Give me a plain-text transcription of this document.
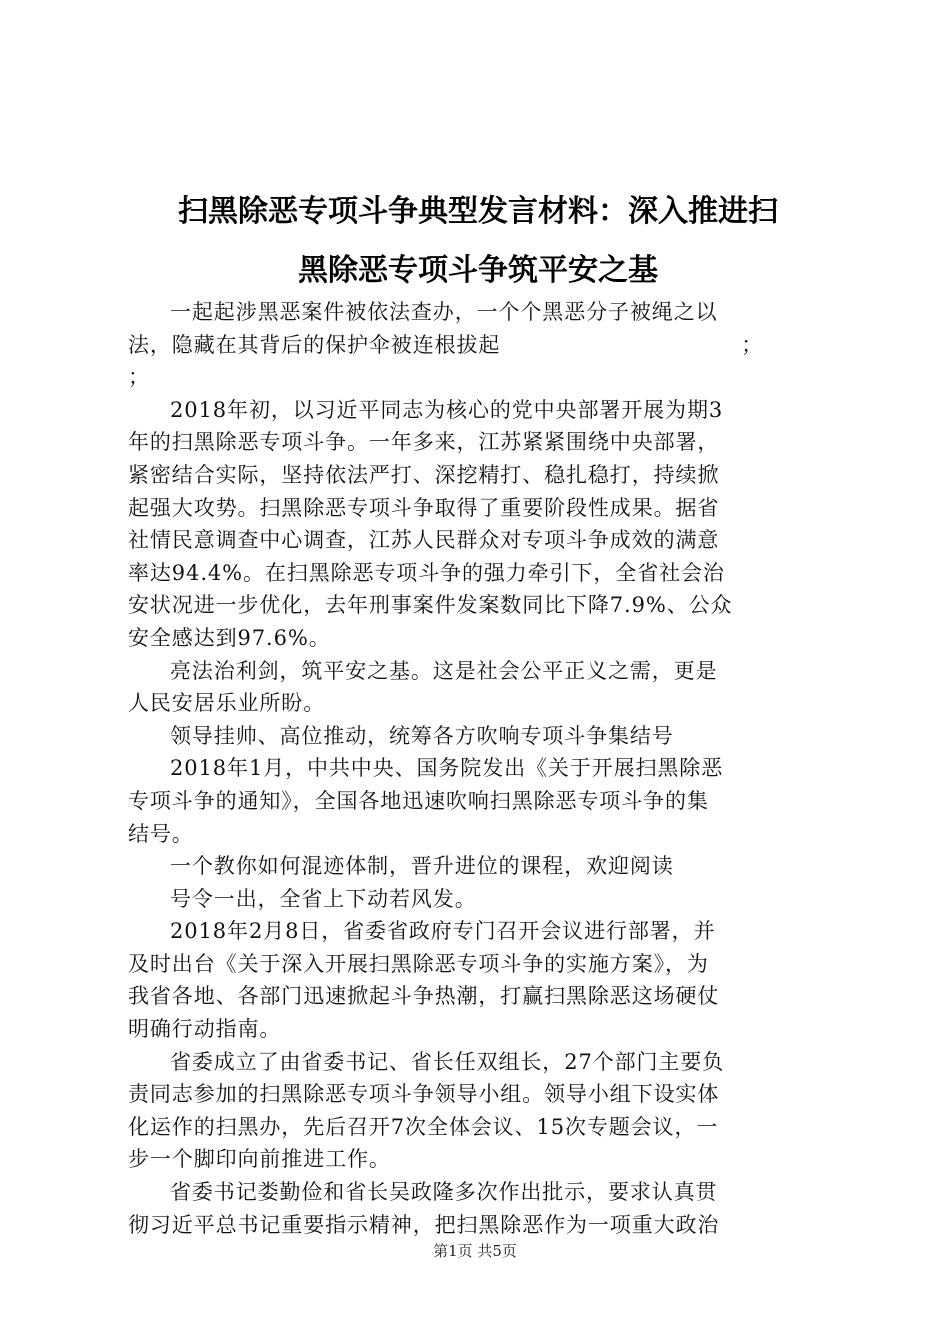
扫黑除恶专项斗争典型发言材料：深入推进扫
黑除恶专项斗争筑平安之基

一起起涉黑恶案件被依法查办，一个个黑恶分子被绳之以
法，隐藏在其背后的保护伞被连根拔起　　　　　　　　　　　；
；

2018年初，以习近平同志为核心的党中央部署开展为期3
年的扫黑除恶专项斗争。一年多来，江苏紧紧围绕中央部署，
紧密结合实际，坚持依法严打、深挖精打、稳扎稳打，持续掀
起强大攻势。扫黑除恶专项斗争取得了重要阶段性成果。据省
社情民意调查中心调查，江苏人民群众对专项斗争成效的满意
率达94.4%。在扫黑除恶专项斗争的强力牵引下，全省社会治
安状况进一步优化，去年刑事案件发案数同比下降7.9%、公众
安全感达到97.6%。

亮法治利剑，筑平安之基。这是社会公平正义之需，更是
人民安居乐业所盼。

领导挂帅、高位推动，统筹各方吹响专项斗争集结号

2018年1月，中共中央、国务院发出《关于开展扫黑除恶
专项斗争的通知》，全国各地迅速吹响扫黑除恶专项斗争的集
结号。

一个教你如何混迹体制，晋升进位的课程，欢迎阅读

号令一出，全省上下动若风发。

2018年2月8日，省委省政府专门召开会议进行部署，并
及时出台《关于深入开展扫黑除恶专项斗争的实施方案》，为
我省各地、各部门迅速掀起斗争热潮，打赢扫黑除恶这场硬仗
明确行动指南。

省委成立了由省委书记、省长任双组长，27个部门主要负
责同志参加的扫黑除恶专项斗争领导小组。领导小组下设实体
化运作的扫黑办，先后召开7次全体会议、15次专题会议，一
步一个脚印向前推进工作。

省委书记娄勤俭和省长吴政隆多次作出批示，要求认真贯
彻习近平总书记重要指示精神，把扫黑除恶作为一项重大政治

第1页 共5页
